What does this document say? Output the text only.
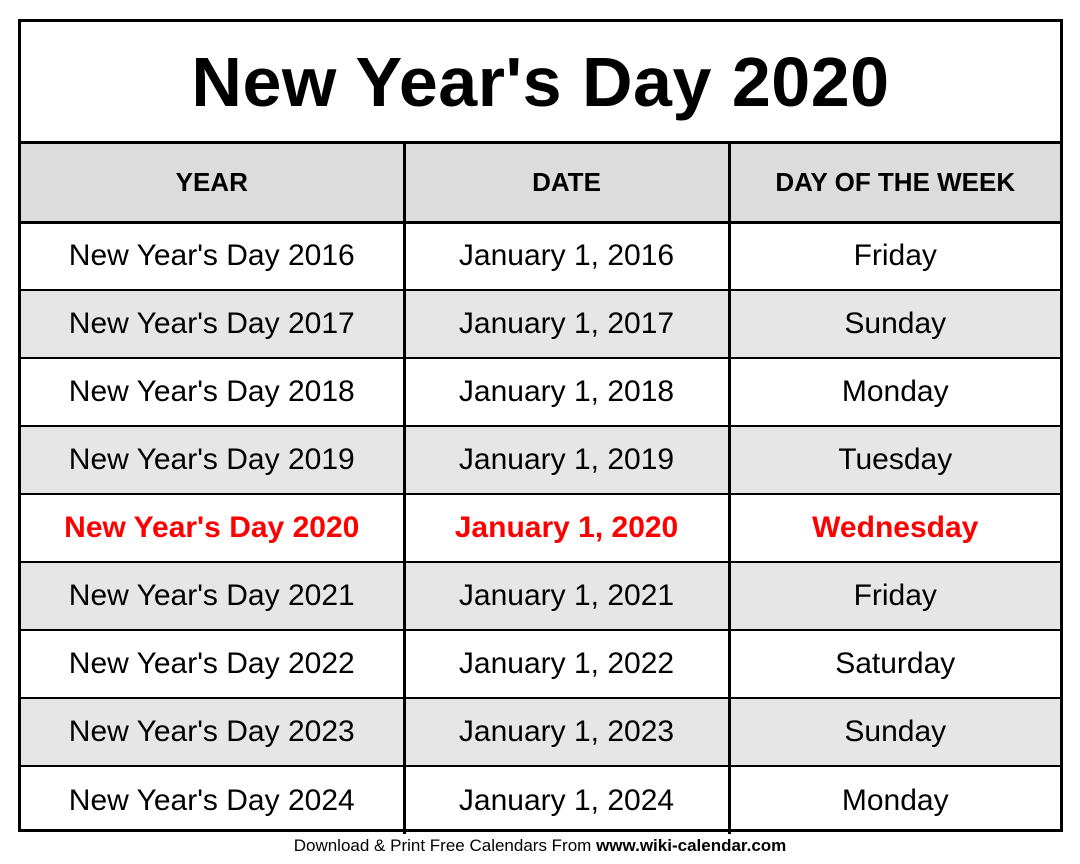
New Year's Day 2020
YEAR	DATE	DAY OF THE WEEK
New Year's Day 2016	January 1, 2016	Friday
New Year's Day 2017	January 1, 2017	Sunday
New Year's Day 2018	January 1, 2018	Monday
New Year's Day 2019	January 1, 2019	Tuesday
New Year's Day 2020	January 1, 2020	Wednesday
New Year's Day 2021	January 1, 2021	Friday
New Year's Day 2022	January 1, 2022	Saturday
New Year's Day 2023	January 1, 2023	Sunday
New Year's Day 2024	January 1, 2024	Monday
Download & Print Free Calendars From www.wiki-calendar.com
